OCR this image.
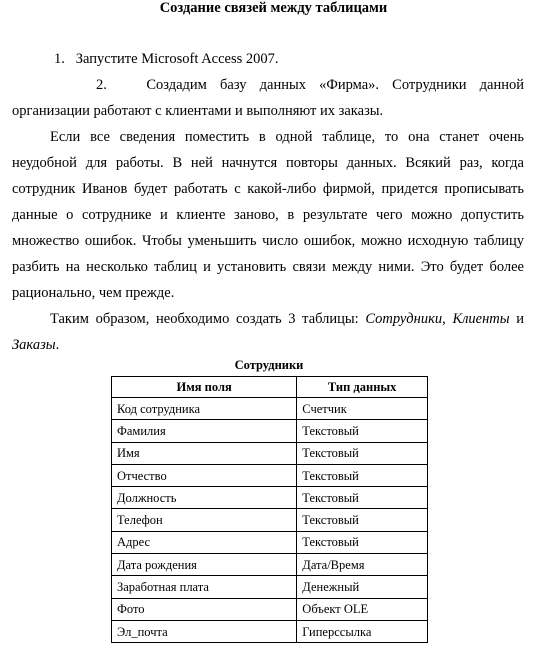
Создание связей между таблицами

1. Запустите Microsoft Access 2007.

2.	Создадим базу данных «Фирма». Сотрудники данной организации работают с клиентами и выполняют их заказы.

Если все сведения поместить в одной таблице, то она станет очень неудобной для работы. В ней начнутся повторы данных. Всякий раз, когда сотрудник Иванов будет работать с какой-либо фирмой, придется прописывать данные о сотруднике и клиенте заново, в результате чего можно допустить множество ошибок. Чтобы уменьшить число ошибок, можно исходную таблицу разбить на несколько таблиц и установить связи между ними. Это будет более рационально, чем прежде.

Таким образом, необходимо создать 3 таблицы: Сотрудники, Клиенты и Заказы.

Сотрудники
Имя поля	Тип данных
Код сотрудника	Счетчик
Фамилия	Текстовый
Имя	Текстовый
Отчество	Текстовый
Должность	Текстовый
Телефон	Текстовый
Адрес	Текстовый
Дата рождения	Дата/Время
Заработная плата	Денежный
Фото	Объект OLE
Эл_почта	Гиперссылка
